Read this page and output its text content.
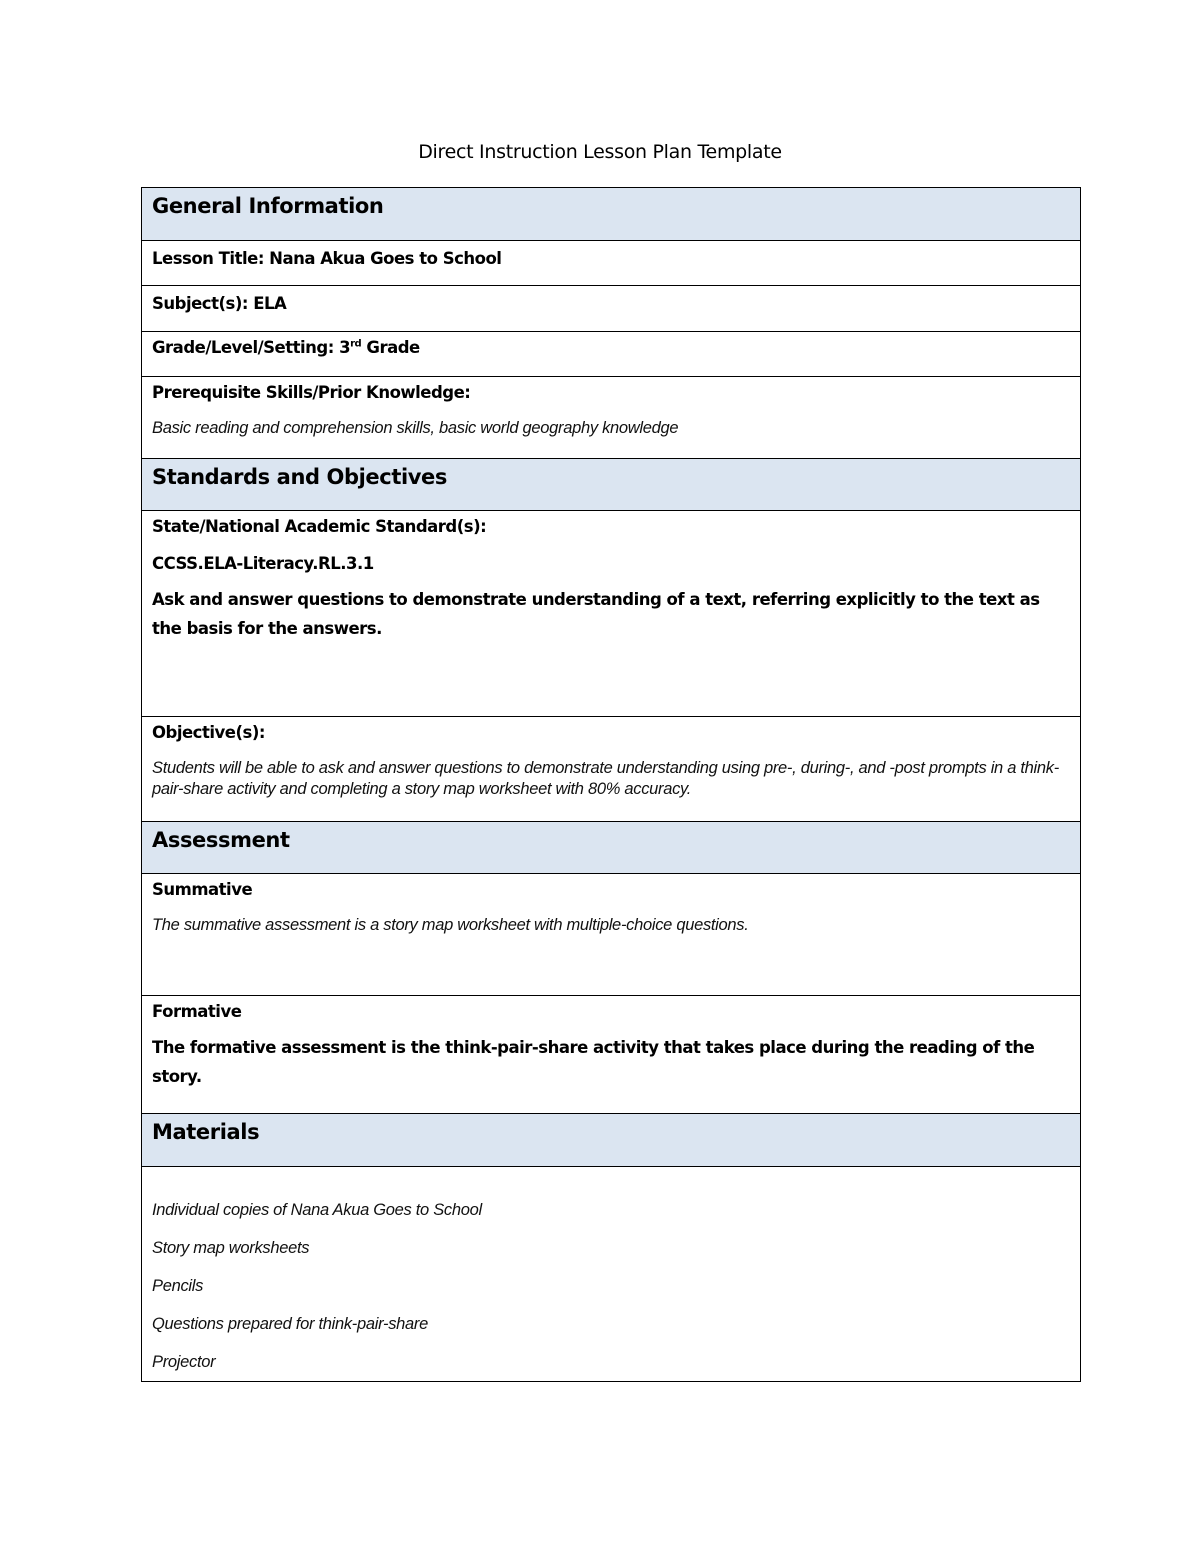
Direct Instruction Lesson Plan Template
General Information
Lesson Title: Nana Akua Goes to School
Subject(s): ELA
Grade/Level/Setting: 3rd Grade
Prerequisite Skills/Prior Knowledge:
Basic reading and comprehension skills, basic world geography knowledge
Standards and Objectives
State/National Academic Standard(s):
CCSS.ELA-Literacy.RL.3.1
Ask and answer questions to demonstrate understanding of a text, referring explicitly to the text as the basis for the answers.
Objective(s):
Students will be able to ask and answer questions to demonstrate understanding using pre-, during-, and -post prompts in a think-pair-share activity and completing a story map worksheet with 80% accuracy.
Assessment
Summative
The summative assessment is a story map worksheet with multiple-choice questions.
Formative
The formative assessment is the think-pair-share activity that takes place during the reading of the story.
Materials
Individual copies of Nana Akua Goes to School
Story map worksheets
Pencils
Questions prepared for think-pair-share
Projector
